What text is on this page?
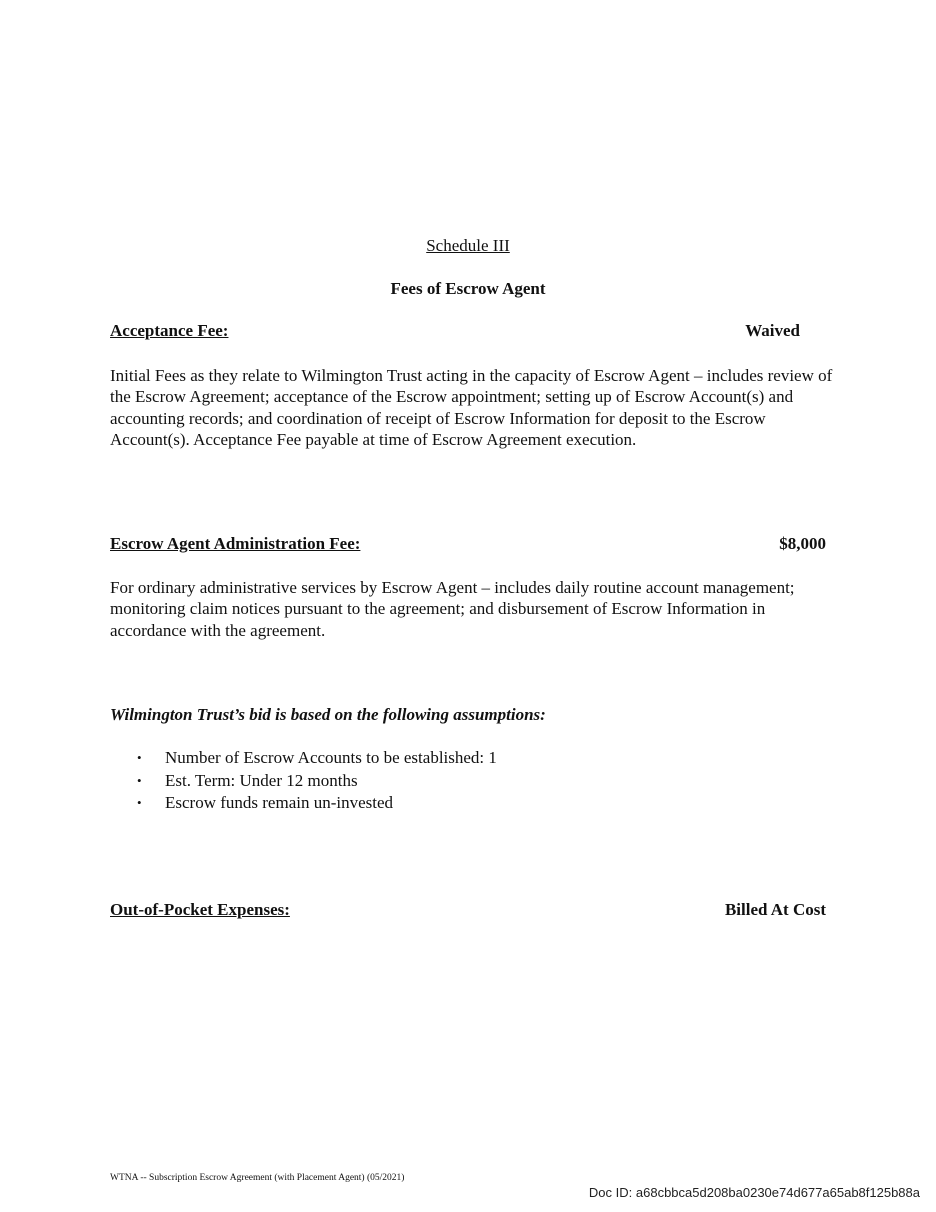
Schedule III
Fees of Escrow Agent
Acceptance Fee:	Waived
Initial Fees as they relate to Wilmington Trust acting in the capacity of Escrow Agent – includes review of the Escrow Agreement; acceptance of the Escrow appointment; setting up of Escrow Account(s) and accounting records; and coordination of receipt of Escrow Information for deposit to the Escrow Account(s). Acceptance Fee payable at time of Escrow Agreement execution.
Escrow Agent Administration Fee:	$8,000
For ordinary administrative services by Escrow Agent – includes daily routine account management; monitoring claim notices pursuant to the agreement; and disbursement of Escrow Information in accordance with the agreement.
Wilmington Trust’s bid is based on the following assumptions:
•	Number of Escrow Accounts to be established: 1
•	Est. Term: Under 12 months
•	Escrow funds remain un-invested
Out-of-Pocket Expenses:	Billed At Cost
WTNA -- Subscription Escrow Agreement (with Placement Agent) (05/2021)
Doc ID: a68cbbca5d208ba0230e74d677a65ab8f125b88a
